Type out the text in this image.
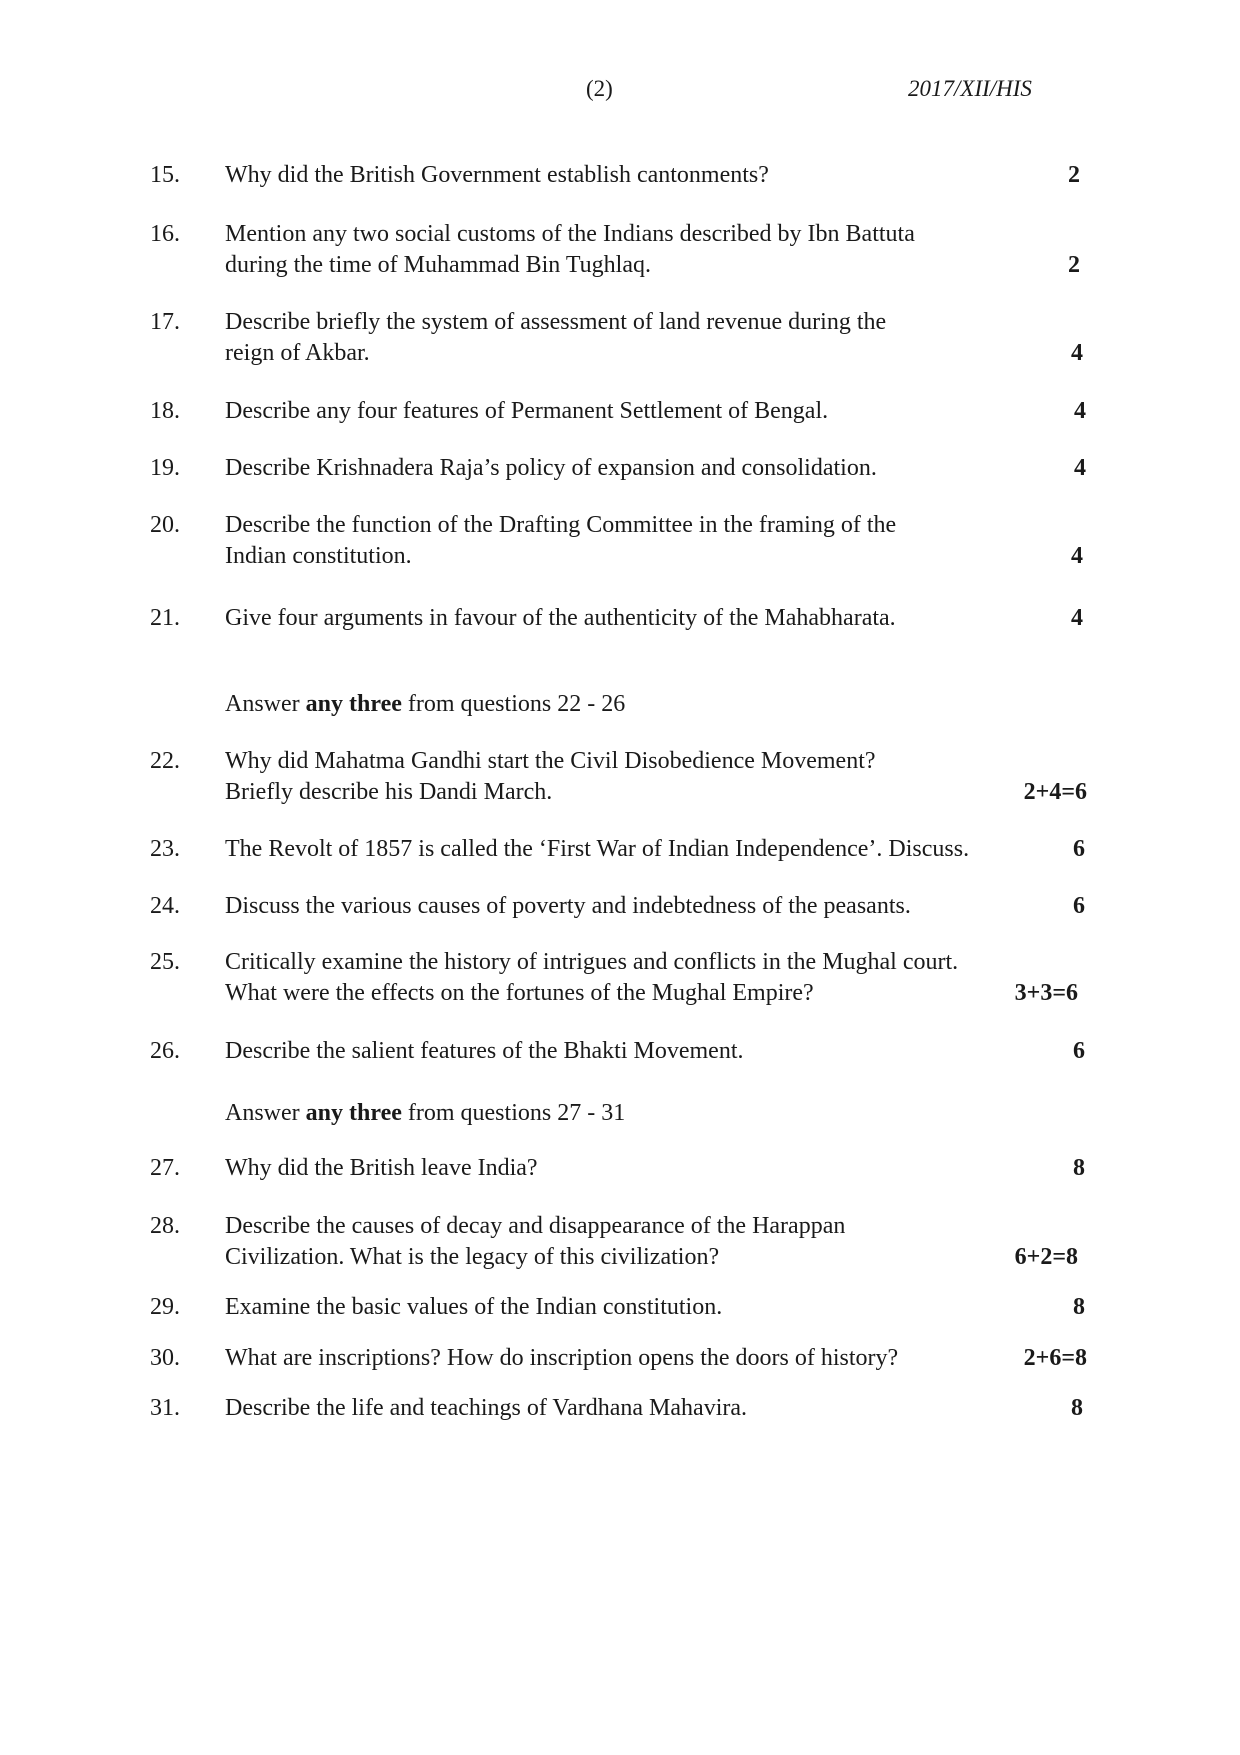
(2)	2017/XII/HIS
15. Why did the British Government establish cantonments?	2
16. Mention any two social customs of the Indians described by Ibn Battuta
during the time of Muhammad Bin Tughlaq.	2
17. Describe briefly the system of assessment of land revenue during the
reign of Akbar.	4
18. Describe any four features of Permanent Settlement of Bengal.	4
19. Describe Krishnadera Raja’s policy of expansion and consolidation.	4
20. Describe the function of the Drafting Committee in the framing of the
Indian constitution.	4
21. Give four arguments in favour of the authenticity of the Mahabharata.	4
Answer any three from questions 22 - 26
22. Why did Mahatma Gandhi start the Civil Disobedience Movement?
Briefly describe his Dandi March.	2+4=6
23. The Revolt of 1857 is called the ‘First War of Indian Independence’. Discuss.	6
24. Discuss the various causes of poverty and indebtedness of the peasants.	6
25. Critically examine the history of intrigues and conflicts in the Mughal court.
What were the effects on the fortunes of the Mughal Empire?	3+3=6
26. Describe the salient features of the Bhakti Movement.	6
Answer any three from questions 27 - 31
27. Why did the British leave India?	8
28. Describe the causes of decay and disappearance of the Harappan
Civilization. What is the legacy of this civilization?	6+2=8
29. Examine the basic values of the Indian constitution.	8
30. What are inscriptions? How do inscription opens the doors of history?	2+6=8
31. Describe the life and teachings of Vardhana Mahavira.	8
